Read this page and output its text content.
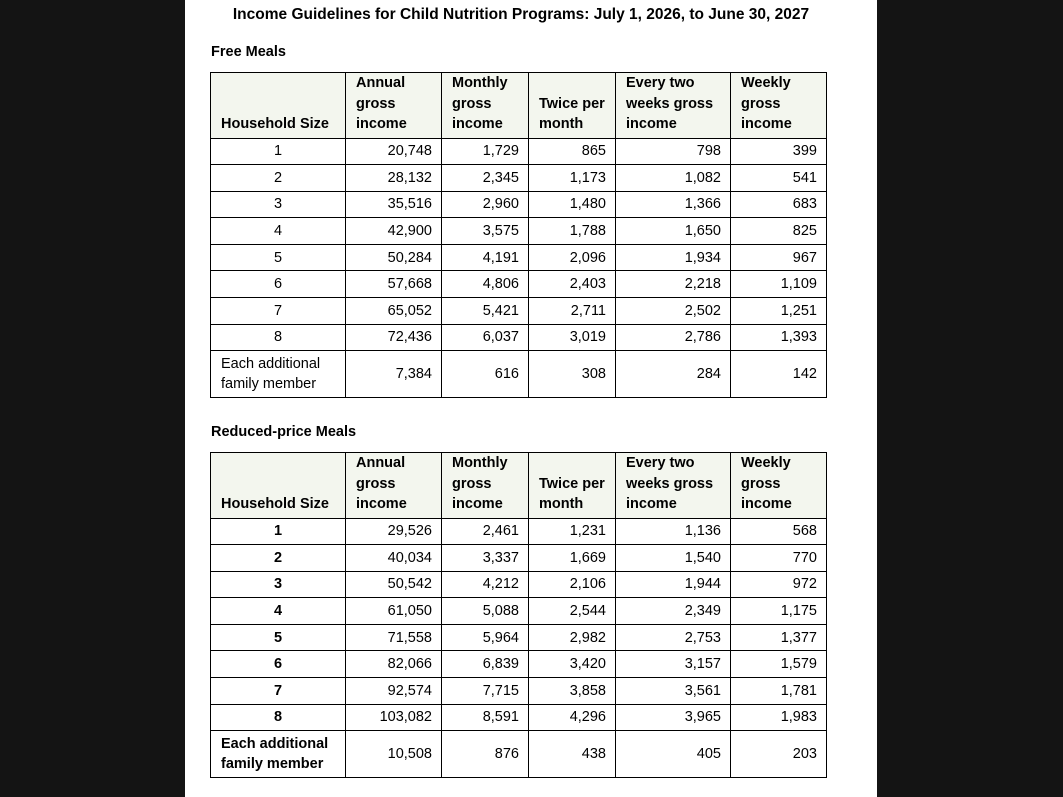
Income Guidelines for Child Nutrition Programs: July 1, 2026, to June 30, 2027
Free Meals
Household Size	Annual gross income	Monthly gross income	Twice per month	Every two weeks gross income	Weekly gross income
1	20,748	1,729	865	798	399
2	28,132	2,345	1,173	1,082	541
3	35,516	2,960	1,480	1,366	683
4	42,900	3,575	1,788	1,650	825
5	50,284	4,191	2,096	1,934	967
6	57,668	4,806	2,403	2,218	1,109
7	65,052	5,421	2,711	2,502	1,251
8	72,436	6,037	3,019	2,786	1,393
Each additional family member	7,384	616	308	284	142
Reduced-price Meals
Household Size	Annual gross income	Monthly gross income	Twice per month	Every two weeks gross income	Weekly gross income
1	29,526	2,461	1,231	1,136	568
2	40,034	3,337	1,669	1,540	770
3	50,542	4,212	2,106	1,944	972
4	61,050	5,088	2,544	2,349	1,175
5	71,558	5,964	2,982	2,753	1,377
6	82,066	6,839	3,420	3,157	1,579
7	92,574	7,715	3,858	3,561	1,781
8	103,082	8,591	4,296	3,965	1,983
Each additional family member	10,508	876	438	405	203
